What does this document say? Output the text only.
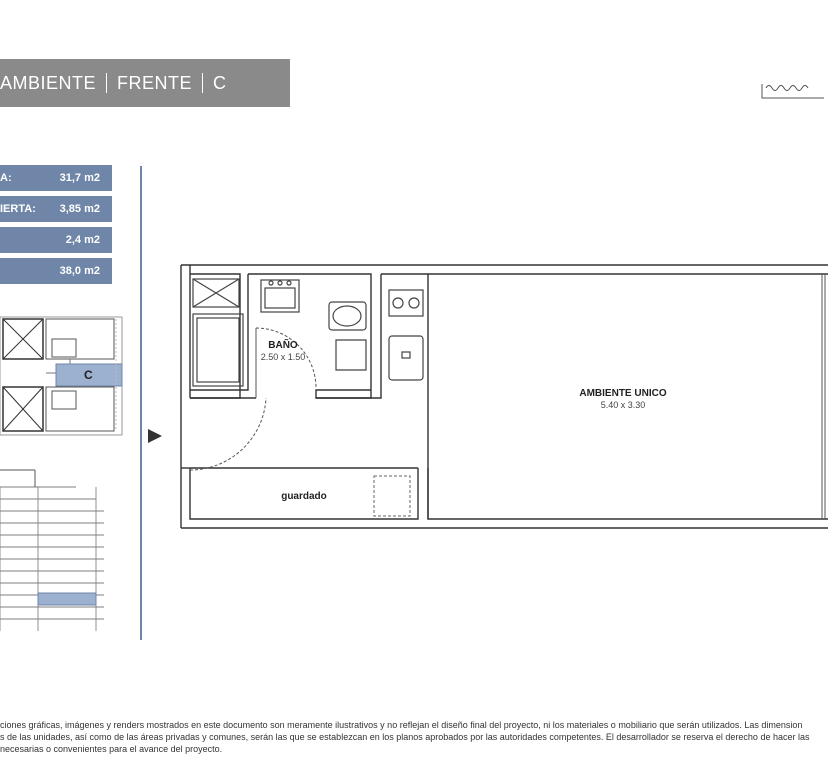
AMBIENTE FRENTE C
A:	31,7 m2
IERTA: 3,85 m2
2,4 m2
38,0 m2
C
BAÑO
2.50 x 1.50
AMBIENTE UNICO
5.40 x 3.30
guardado
ciones gráficas, imágenes y renders mostrados en este documento son meramente ilustrativos y no reflejan el diseño final del proyecto, ni los materiales o mobiliario que serán utilizados. Las dimension
s de las unidades, así como de las áreas privadas y comunes, serán las que se establezcan en los planos aprobados por las autoridades competentes. El desarrollador se reserva el derecho de hacer las
necesarias o convenientes para el avance del proyecto.
